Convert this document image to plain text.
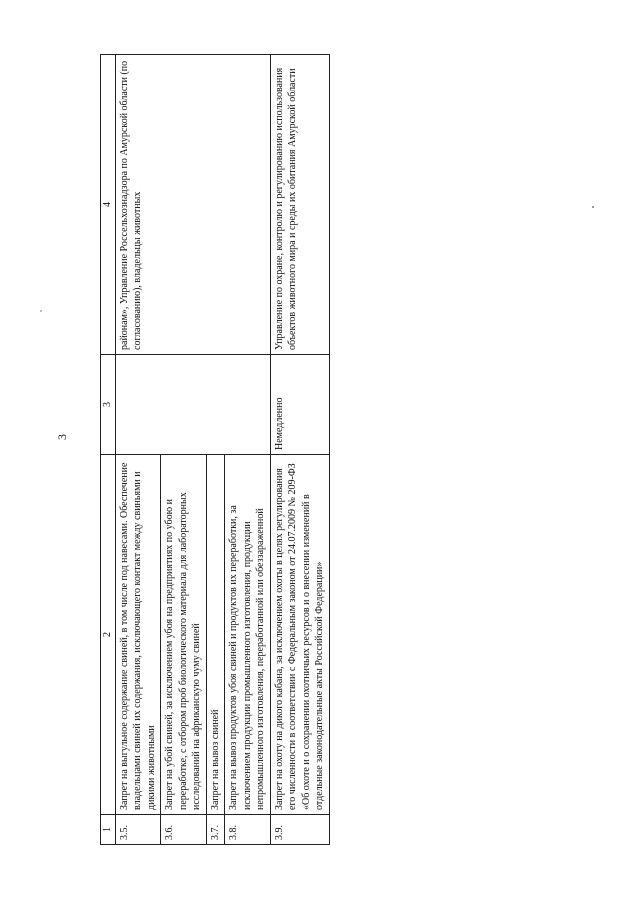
3
1	2	3	4
3.5.	Запрет на выгульное содержание свиней, в том числе под навесами. Обеспечение владельцами свиней их содержания, исключающего контакт между свиньями и дикими животными		районам», Управление Россельхознадзора по Амурской области (по согласованию), владельцы животных
3.6.	Запрет на убой свиней, за исключением убоя на предприятиях по убою и переработке, с отбором проб биологического материала для лабораторных исследований на африканскую чуму свиней		
3.7.	Запрет на вывоз свиней		
3.8.	Запрет на вывоз продуктов убоя свиней и продуктов их переработки, за исключением продукции промышленного изготовления, продукции непромышленного изготовления, переработанной или обеззараженной		
3.9.	Запрет на охоту на дикого кабана, за исключением охоты в целях регулирования его численности в соответствии с Федеральным законом от 24.07.2009 № 209-ФЗ «Об охоте и о сохранении охотничьих ресурсов и о внесении изменений в отдельные законодательные акты Российской Федерации»	Немедленно	Управление по охране, контролю и регулированию использования объектов животного мира и среды их обитания Амурской области
